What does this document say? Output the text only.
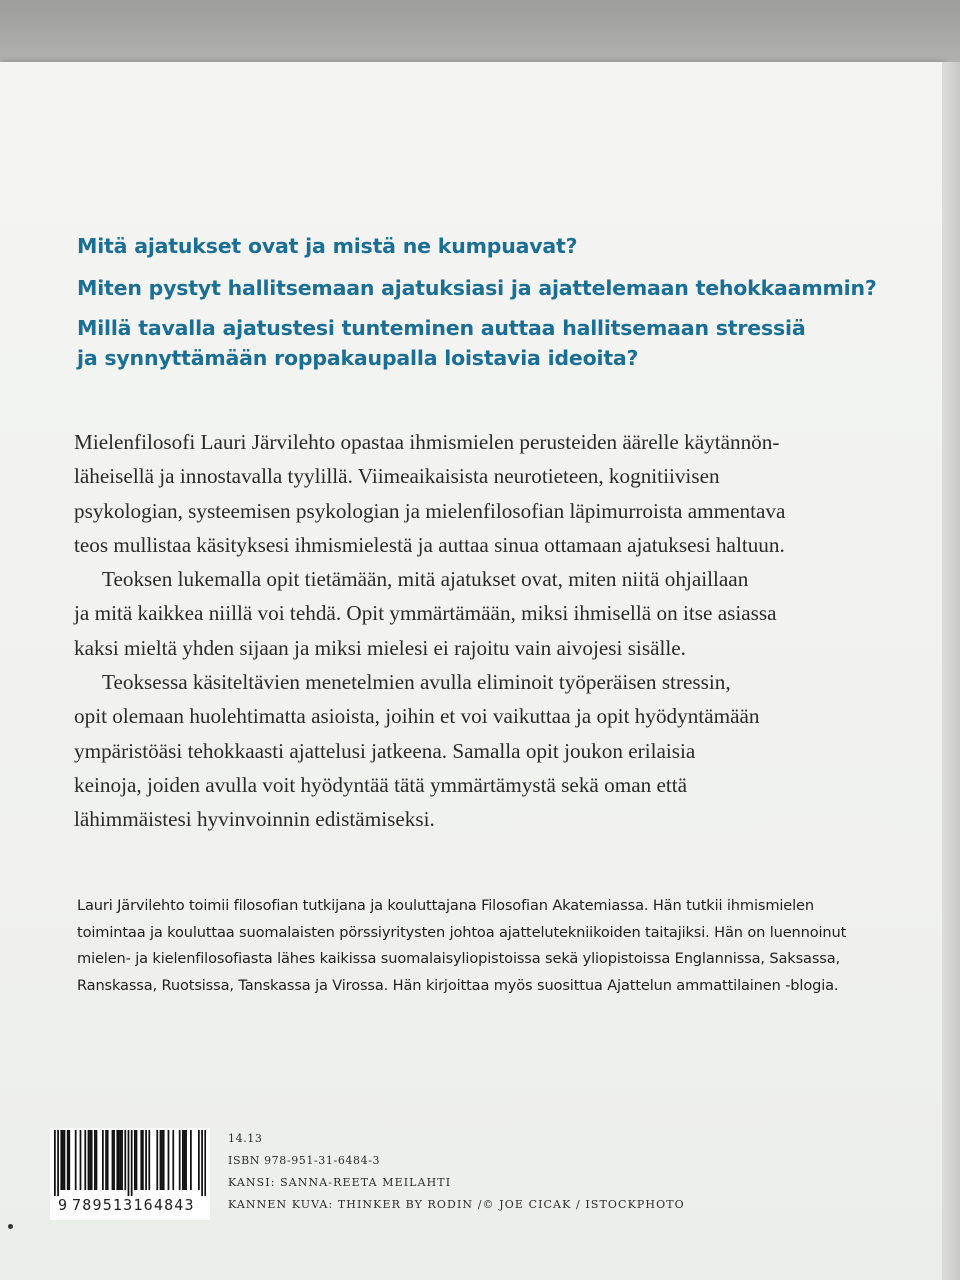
Mitä ajatukset ovat ja mistä ne kumpuavat?
Miten pystyt hallitsemaan ajatuksiasi ja ajattelemaan tehokkaammin?
Millä tavalla ajatustesi tunteminen auttaa hallitsemaan stressiä
ja synnyttämään roppakaupalla loistavia ideoita?
Mielenfilosofi Lauri Järvilehto opastaa ihmismielen perusteiden äärelle käytännön-
läheisellä ja innostavalla tyylillä. Viimeaikaisista neurotieteen, kognitiivisen
psykologian, systeemisen psykologian ja mielenfilosofian läpimurroista ammentava
teos mullistaa käsityksesi ihmismielestä ja auttaa sinua ottamaan ajatuksesi haltuun.
Teoksen lukemalla opit tietämään, mitä ajatukset ovat, miten niitä ohjaillaan
ja mitä kaikkea niillä voi tehdä. Opit ymmärtämään, miksi ihmisellä on itse asiassa
kaksi mieltä yhden sijaan ja miksi mielesi ei rajoitu vain aivojesi sisälle.
Teoksessa käsiteltävien menetelmien avulla eliminoit työperäisen stressin,
opit olemaan huolehtimatta asioista, joihin et voi vaikuttaa ja opit hyödyntämään
ympäristöäsi tehokkaasti ajattelusi jatkeena. Samalla opit joukon erilaisia
keinoja, joiden avulla voit hyödyntää tätä ymmärtämystä sekä oman että
lähimmäistesi hyvinvoinnin edistämiseksi.
Lauri Järvilehto toimii filosofian tutkijana ja kouluttajana Filosofian Akatemiassa. Hän tutkii ihmismielen
toimintaa ja kouluttaa suomalaisten pörssiyritysten johtoa ajattelutekniikoiden taitajiksi. Hän on luennoinut
mielen- ja kielenfilosofiasta lähes kaikissa suomalaisyliopistoissa sekä yliopistoissa Englannissa, Saksassa,
Ranskassa, Ruotsissa, Tanskassa ja Virossa. Hän kirjoittaa myös suosittua Ajattelun ammattilainen -blogia.
9 789513164843
14.13
ISBN 978-951-31-6484-3
KANSI: SANNA-REETA MEILAHTI
KANNEN KUVA: THINKER BY RODIN /© JOE CICAK / ISTOCKPHOTO
